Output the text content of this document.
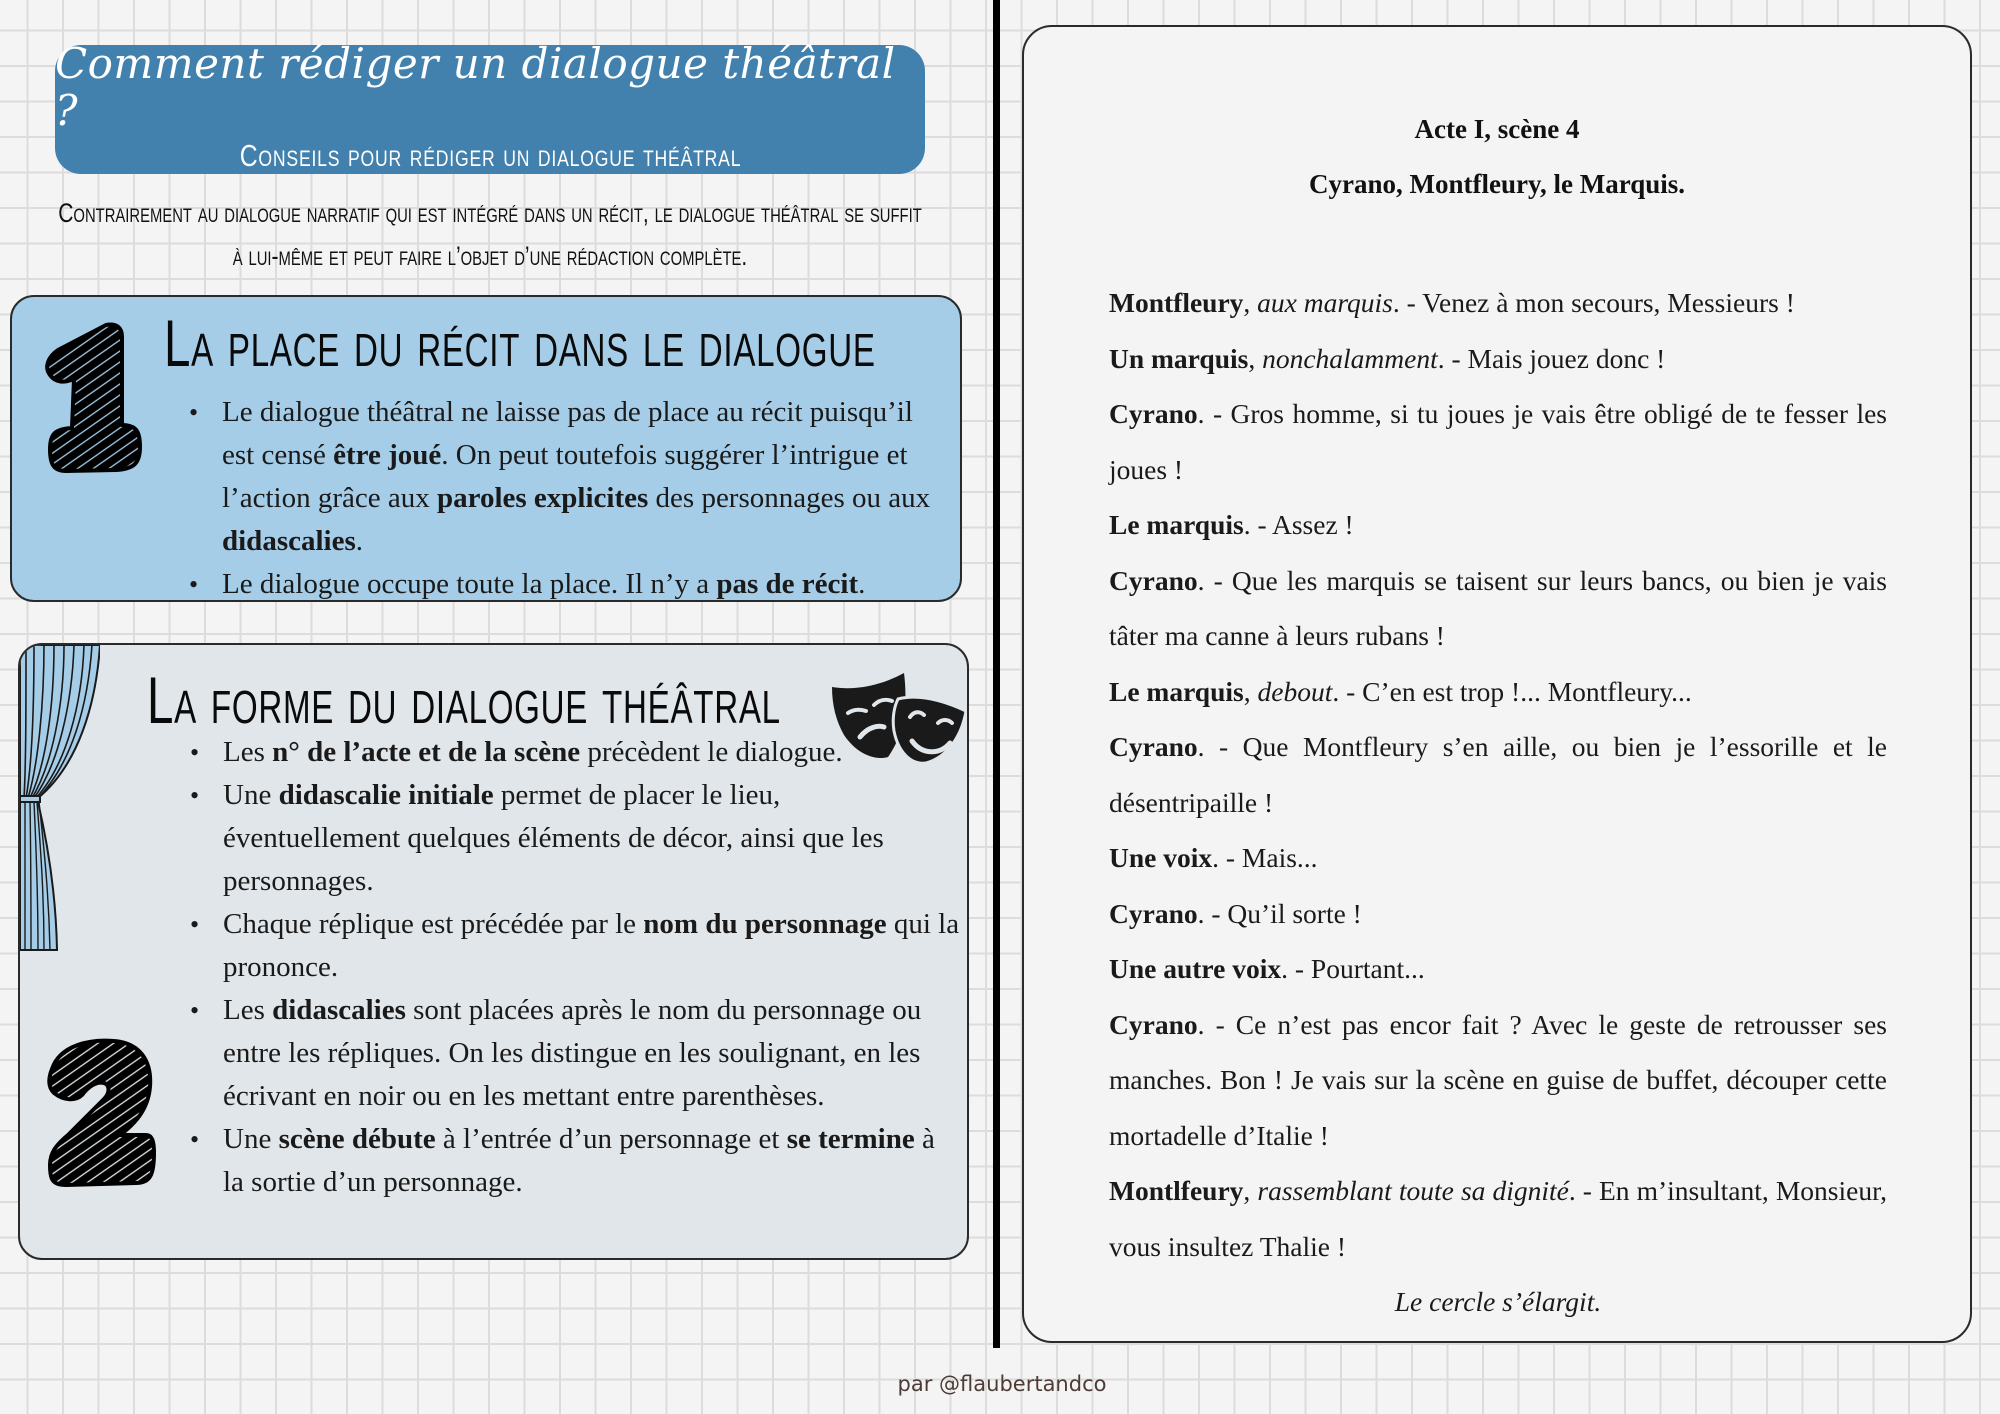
Comment rédiger un dialogue théâtral ?
Conseils pour rédiger un dialogue théâtral
Contrairement au dialogue narratif qui est intégré dans un récit, le dialogue théâtral se suffit
à lui-même et peut faire l’objet d’une rédaction complète.
La place du récit dans le dialogue
• Le dialogue théâtral ne laisse pas de place au récit puisqu’il est censé être joué. On peut toutefois suggérer l’intrigue et l’action grâce aux paroles explicites des personnages ou aux didascalies.
• Le dialogue occupe toute la place. Il n’y a pas de récit.
La forme du dialogue théâtral
• Les n° de l’acte et de la scène précèdent le dialogue.
• Une didascalie initiale permet de placer le lieu, éventuellement quelques éléments de décor, ainsi que les personnages.
• Chaque réplique est précédée par le nom du personnage qui la prononce.
• Les didascalies sont placées après le nom du personnage ou entre les répliques. On les distingue en les soulignant, en les écrivant en noir ou en les mettant entre parenthèses.
• Une scène débute à l’entrée d’un personnage et se termine à la sortie d’un personnage.
Acte I, scène 4
Cyrano, Montfleury, le Marquis.
Montfleury, aux marquis. - Venez à mon secours, Messieurs !
Un marquis, nonchalamment. - Mais jouez donc !
Cyrano. - Gros homme, si tu joues je vais être obligé de te fesser les joues !
Le marquis. - Assez !
Cyrano. - Que les marquis se taisent sur leurs bancs, ou bien je vais tâter ma canne à leurs rubans !
Le marquis, debout. - C’en est trop !... Montfleury...
Cyrano. - Que Montfleury s’en aille, ou bien je l’essorille et le désentripaille !
Une voix. - Mais...
Cyrano. - Qu’il sorte !
Une autre voix. - Pourtant...
Cyrano. - Ce n’est pas encor fait ? Avec le geste de retrousser ses manches. Bon ! Je vais sur la scène en guise de buffet, découper cette mortadelle d’Italie !
Montlfeury, rassemblant toute sa dignité. - En m’insultant, Monsieur, vous insultez Thalie !
Le cercle s’élargit.
par @flaubertandco
